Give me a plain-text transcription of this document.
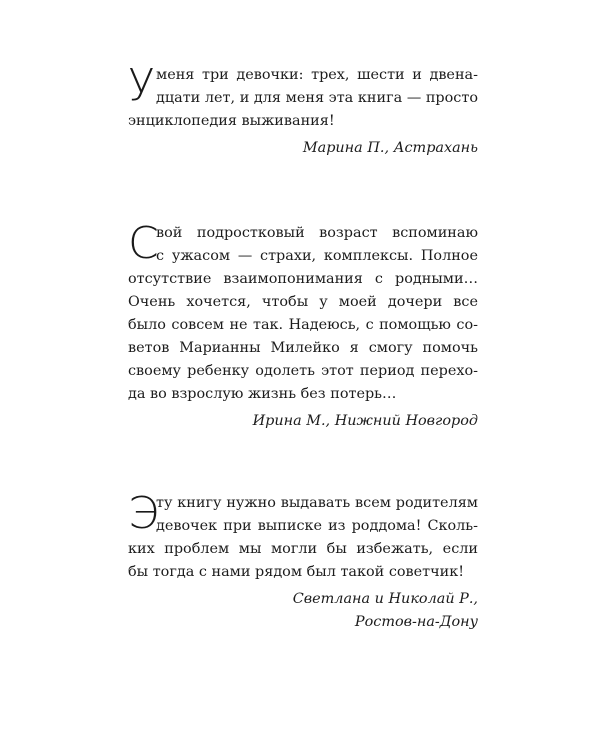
У меня три девочки: трех, шести и двена-
дцати лет, и для меня эта книга — просто
энциклопедия выживания!

Марина П., Астрахань

С
вой подростковый возраст вспоминаю
с ужасом — страхи, комплексы. Полное
отсутствие взаимопонимания с родными…
Очень хочется, чтобы у моей дочери все
было совсем не так. Надеюсь, с помощью со-
ветов Марианны Милейко я смогу помочь
своему ребенку одолеть этот период перехо-
да во взрослую жизнь без потерь…

Ирина М., Нижний Новгород

Э
ту книгу нужно выдавать всем родителям
девочек при выписке из роддома! Сколь-
ких проблем мы могли бы избежать, если
бы тогда с нами рядом был такой советчик!

Светлана и Николай Р.,
Ростов-на-Дону
